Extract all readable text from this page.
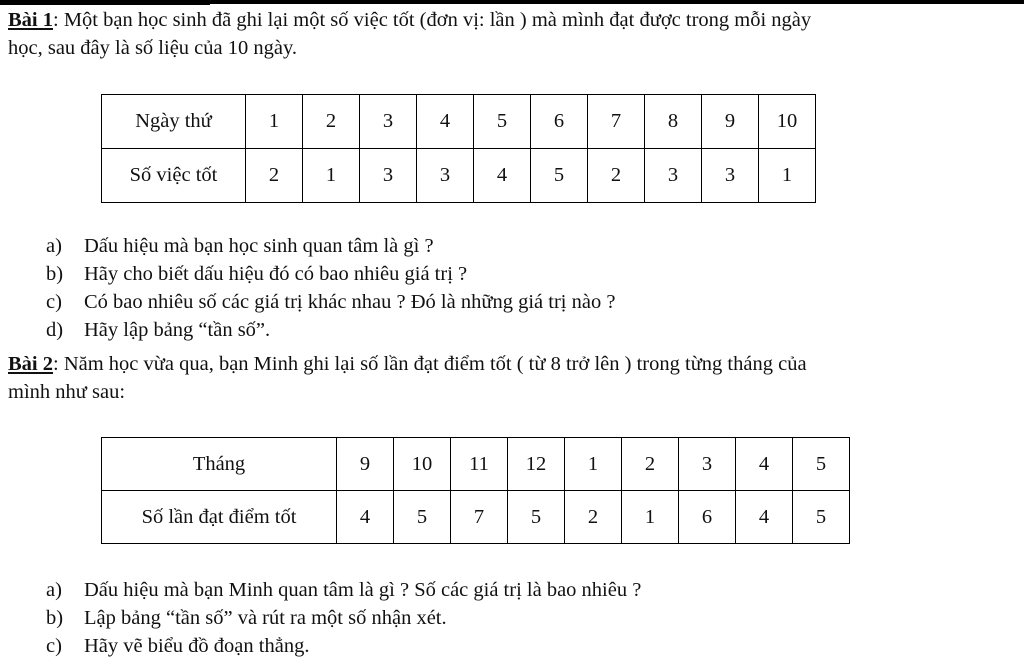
Bài 1: Một bạn học sinh đã ghi lại một số việc tốt (đơn vị: lần ) mà mình đạt được trong mỗi ngày
học, sau đây là số liệu của 10 ngày.

Ngày thứ	1	2	3	4	5	6	7	8	9	10
Số việc tốt	2	1	3	3	4	5	2	3	3	1
a) Dấu hiệu mà bạn học sinh quan tâm là gì ?
b) Hãy cho biết dấu hiệu đó có bao nhiêu giá trị ?
c) Có bao nhiêu số các giá trị khác nhau ? Đó là những giá trị nào ?
d) Hãy lập bảng “tần số”.

Bài 2: Năm học vừa qua, bạn Minh ghi lại số lần đạt điểm tốt ( từ 8 trở lên ) trong từng tháng của
mình như sau:

Tháng	9	10	11	12	1	2	3	4	5
Số lần đạt điểm tốt	4	5	7	5	2	1	6	4	5
a) Dấu hiệu mà bạn Minh quan tâm là gì ? Số các giá trị là bao nhiêu ?
b) Lập bảng “tần số” và rút ra một số nhận xét.
c) Hãy vẽ biểu đồ đoạn thẳng.
